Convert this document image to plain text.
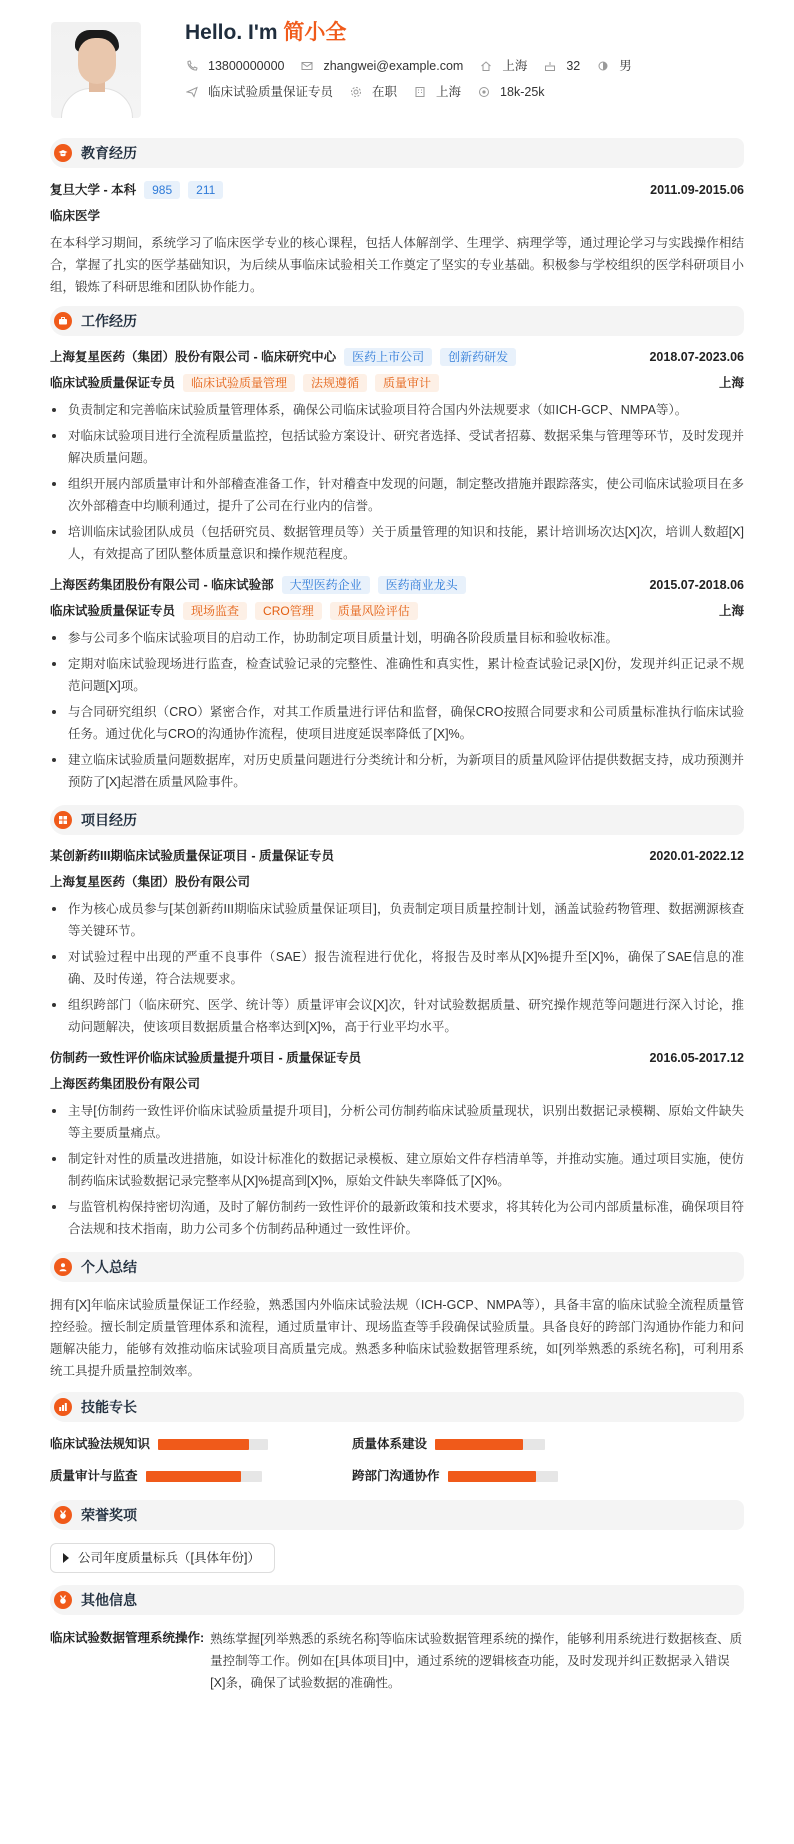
Hello. I'm 简小全
13800000000	zhangwei@example.com	上海	32	男
临床试验质量保证专员	在职	上海	18k-25k
教育经历
复旦大学 - 本科	985	211	2011.09-2015.06
临床医学
在本科学习期间，系统学习了临床医学专业的核心课程，包括人体解剖学、生理学、病理学等，通过理论学习与实践操作相结合，掌握了扎实的医学基础知识，为后续从事临床试验相关工作奠定了坚实的专业基础。积极参与学校组织的医学科研项目小组，锻炼了科研思维和团队协作能力。
工作经历
上海复星医药（集团）股份有限公司 - 临床研究中心	医药上市公司	创新药研发	2018.07-2023.06
临床试验质量保证专员	临床试验质量管理	法规遵循	质量审计	上海
负责制定和完善临床试验质量管理体系，确保公司临床试验项目符合国内外法规要求（如ICH-GCP、NMPA等）。
对临床试验项目进行全流程质量监控，包括试验方案设计、研究者选择、受试者招募、数据采集与管理等环节，及时发现并解决质量问题。
组织开展内部质量审计和外部稽查准备工作，针对稽查中发现的问题，制定整改措施并跟踪落实，使公司临床试验项目在多次外部稽查中均顺利通过，提升了公司在行业内的信誉。
培训临床试验团队成员（包括研究员、数据管理员等）关于质量管理的知识和技能，累计培训场次达[X]次，培训人数超[X]人，有效提高了团队整体质量意识和操作规范程度。
上海医药集团股份有限公司 - 临床试验部	大型医药企业	医药商业龙头	2015.07-2018.06
临床试验质量保证专员	现场监查	CRO管理	质量风险评估	上海
参与公司多个临床试验项目的启动工作，协助制定项目质量计划，明确各阶段质量目标和验收标准。
定期对临床试验现场进行监查，检查试验记录的完整性、准确性和真实性，累计检查试验记录[X]份，发现并纠正记录不规范问题[X]项。
与合同研究组织（CRO）紧密合作，对其工作质量进行评估和监督，确保CRO按照合同要求和公司质量标准执行临床试验任务。通过优化与CRO的沟通协作流程，使项目进度延误率降低了[X]%。
建立临床试验质量问题数据库，对历史质量问题进行分类统计和分析，为新项目的质量风险评估提供数据支持，成功预测并预防了[X]起潜在质量风险事件。
项目经历
某创新药III期临床试验质量保证项目 - 质量保证专员	2020.01-2022.12
上海复星医药（集团）股份有限公司
作为核心成员参与[某创新药III期临床试验质量保证项目]，负责制定项目质量控制计划，涵盖试验药物管理、数据溯源核查等关键环节。
对试验过程中出现的严重不良事件（SAE）报告流程进行优化，将报告及时率从[X]%提升至[X]%，确保了SAE信息的准确、及时传递，符合法规要求。
组织跨部门（临床研究、医学、统计等）质量评审会议[X]次，针对试验数据质量、研究操作规范等问题进行深入讨论，推动问题解决，使该项目数据质量合格率达到[X]%，高于行业平均水平。
仿制药一致性评价临床试验质量提升项目 - 质量保证专员	2016.05-2017.12
上海医药集团股份有限公司
主导[仿制药一致性评价临床试验质量提升项目]，分析公司仿制药临床试验质量现状，识别出数据记录模糊、原始文件缺失等主要质量痛点。
制定针对性的质量改进措施，如设计标准化的数据记录模板、建立原始文件存档清单等，并推动实施。通过项目实施，使仿制药临床试验数据记录完整率从[X]%提高到[X]%，原始文件缺失率降低了[X]%。
与监管机构保持密切沟通，及时了解仿制药一致性评价的最新政策和技术要求，将其转化为公司内部质量标准，确保项目符合法规和技术指南，助力公司多个仿制药品种通过一致性评价。
个人总结
拥有[X]年临床试验质量保证工作经验，熟悉国内外临床试验法规（ICH-GCP、NMPA等），具备丰富的临床试验全流程质量管控经验。擅长制定质量管理体系和流程，通过质量审计、现场监查等手段确保试验质量。具备良好的跨部门沟通协作能力和问题解决能力，能够有效推动临床试验项目高质量完成。熟悉多种临床试验数据管理系统，如[列举熟悉的系统名称]，可利用系统工具提升质量控制效率。
技能专长
临床试验法规知识	质量体系建设
质量审计与监查	跨部门沟通协作
荣誉奖项
公司年度质量标兵（[具体年份]）
其他信息
临床试验数据管理系统操作: 熟练掌握[列举熟悉的系统名称]等临床试验数据管理系统的操作，能够利用系统进行数据核查、质量控制等工作。例如在[具体项目]中，通过系统的逻辑核查功能，及时发现并纠正数据录入错误[X]条，确保了试验数据的准确性。
